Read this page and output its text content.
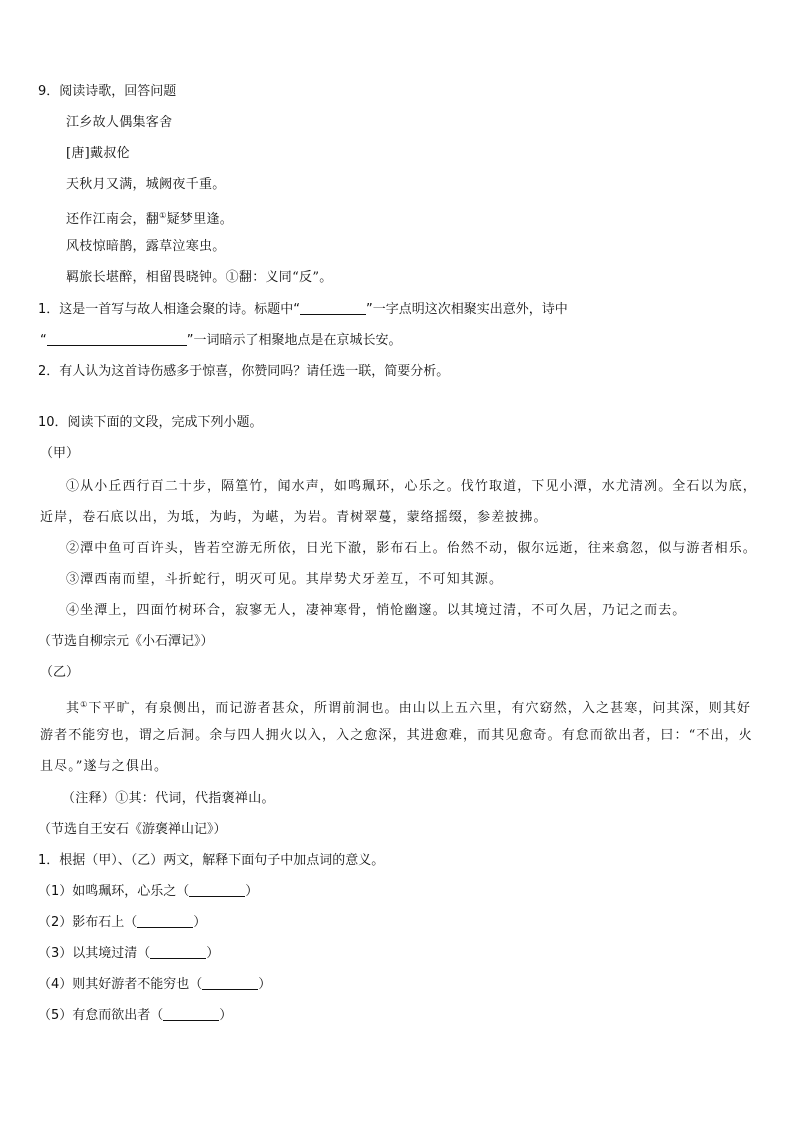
9．阅读诗歌，回答问题
江乡故人偶集客舍
[唐]戴叔伦
天秋月又满，城阙夜千重。
还作江南会，翻①疑梦里逢。
风枝惊暗鹊，露草泣寒虫。
羁旅长堪醉，相留畏晓钟。①翻：义同“反”。
1．这是一首写与故人相逢会聚的诗。标题中“	”一字点明这次相聚实出意外，诗中
“	”一词暗示了相聚地点是在京城长安。
2．有人认为这首诗伤感多于惊喜，你赞同吗？请任选一联，简要分析。
10．阅读下面的文段，完成下列小题。
（甲）
①从小丘西行百二十步，隔篁竹，闻水声，如鸣珮环，心乐之。伐竹取道，下见小潭，水尤清冽。全石以为底，
近岸，卷石底以出，为坻，为屿，为嵁，为岩。青树翠蔓，蒙络摇缀，参差披拂。
②潭中鱼可百许头，皆若空游无所依，日光下澈，影布石上。佁然不动，俶尔远逝，往来翕忽，似与游者相乐。
③潭西南而望，斗折蛇行，明灭可见。其岸势犬牙差互，不可知其源。
④坐潭上，四面竹树环合，寂寥无人，凄神寒骨，悄怆幽邃。以其境过清，不可久居，乃记之而去。
（节选自柳宗元《小石潭记》）
（乙）
其①下平旷，有泉侧出，而记游者甚众，所谓前洞也。由山以上五六里，有穴窈然，入之甚寒，问其深，则其好
游者不能穷也，谓之后洞。余与四人拥火以入，入之愈深，其进愈难，而其见愈奇。有怠而欲出者，曰：“不出，火
且尽。”遂与之俱出。
（注释）①其：代词，代指褒禅山。
（节选自王安石《游褒禅山记》）
1．根据（甲）、（乙）两文，解释下面句子中加点词的意义。
（1）如鸣珮环，心乐之（	）
（2）影布石上（	）
（3）以其境过清（	）
（4）则其好游者不能穷也（	）
（5）有怠而欲出者（	）
